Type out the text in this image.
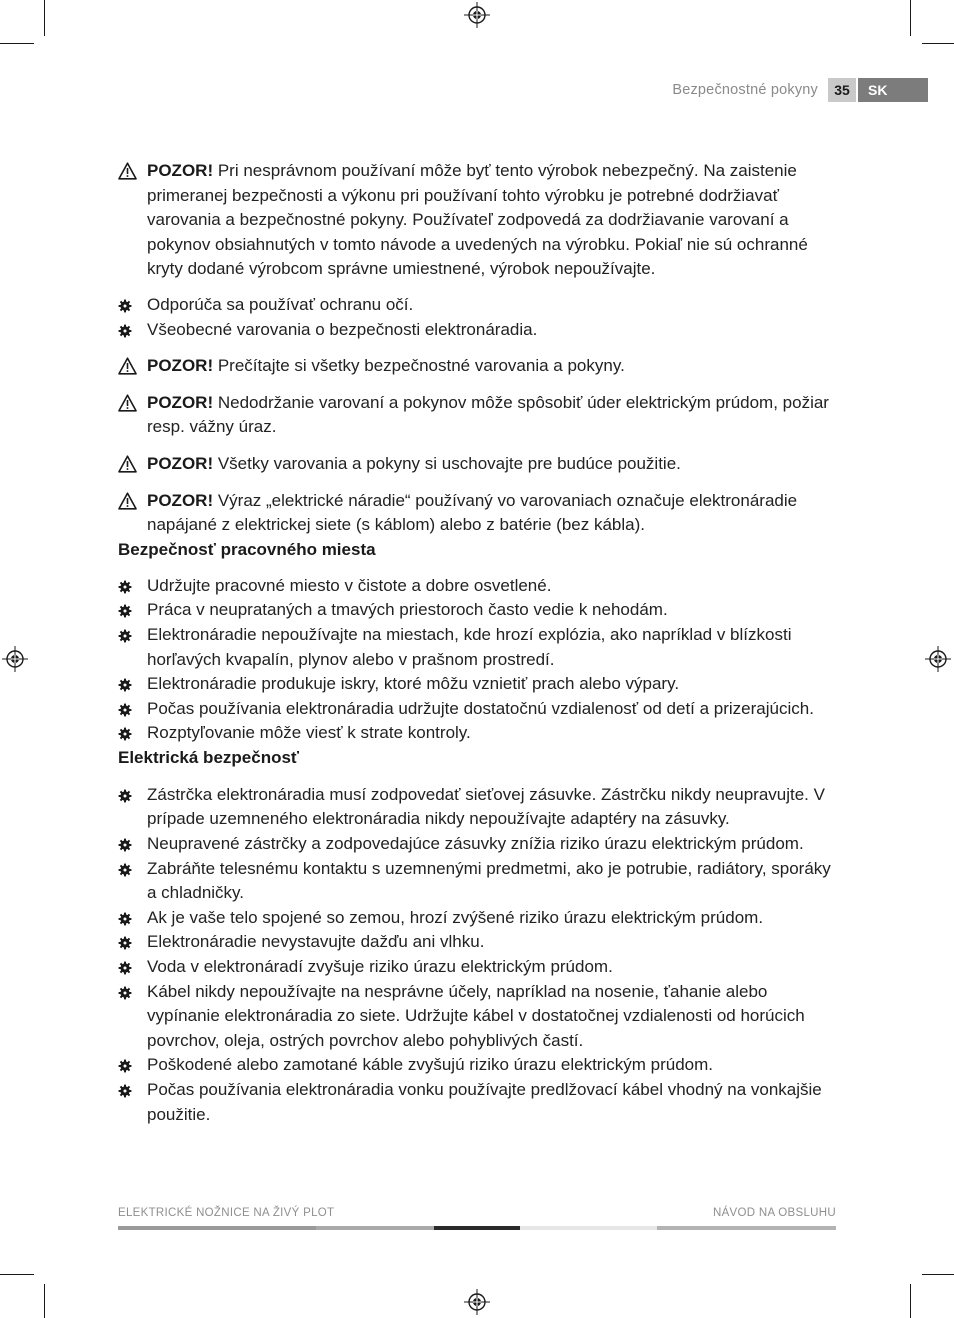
Bezpečnostné pokyny	35	SK
POZOR! Pri nesprávnom používaní môže byť tento výrobok nebezpečný. Na zaistenie primeranej bezpečnosti a výkonu pri používaní tohto výrobku je potrebné dodržiavať varovania a bezpečnostné pokyny. Používateľ zodpovedá za dodržiavanie varovaní a pokynov obsiahnutých v tomto návode a uvedených na výrobku. Pokiaľ nie sú ochranné kryty dodané výrobcom správne umiestnené, výrobok nepoužívajte.
Odporúča sa používať ochranu očí.
Všeobecné varovania o bezpečnosti elektronáradia.
POZOR! Prečítajte si všetky bezpečnostné varovania a pokyny.
POZOR! Nedodržanie varovaní a pokynov môže spôsobiť úder elektrickým prúdom, požiar resp. vážny úraz.
POZOR! Všetky varovania a pokyny si uschovajte pre budúce použitie.
POZOR! Výraz „elektrické náradie“ používaný vo varovaniach označuje elektronáradie napájané z elektrickej siete (s káblom) alebo z batérie (bez kábla).
Bezpečnosť pracovného miesta
Udržujte pracovné miesto v čistote a dobre osvetlené.
Práca v neuprataných a tmavých priestoroch často vedie k nehodám.
Elektronáradie nepoužívajte na miestach, kde hrozí explózia, ako napríklad v blízkosti horľavých kvapalín, plynov alebo v prašnom prostredí.
Elektronáradie produkuje iskry, ktoré môžu vznietiť prach alebo výpary.
Počas používania elektronáradia udržujte dostatočnú vzdialenosť od detí a prizerajúcich.
Rozptyľovanie môže viesť k strate kontroly.
Elektrická bezpečnosť
Zástrčka elektronáradia musí zodpovedať sieťovej zásuvke. Zástrčku nikdy neupravujte. V prípade uzemneného elektronáradia nikdy nepoužívajte adaptéry na zásuvky.
Neupravené zástrčky a zodpovedajúce zásuvky znížia riziko úrazu elektrickým prúdom.
Zabráňte telesnému kontaktu s uzemnenými predmetmi, ako je potrubie, radiátory, sporáky a chladničky.
Ak je vaše telo spojené so zemou, hrozí zvýšené riziko úrazu elektrickým prúdom.
Elektronáradie nevystavujte dažďu ani vlhku.
Voda v elektronáradí zvyšuje riziko úrazu elektrickým prúdom.
Kábel nikdy nepoužívajte na nesprávne účely, napríklad na nosenie, ťahanie alebo vypínanie elektronáradia zo siete. Udržujte kábel v dostatočnej vzdialenosti od horúcich povrchov, oleja, ostrých povrchov alebo pohyblivých častí.
Poškodené alebo zamotané káble zvyšujú riziko úrazu elektrickým prúdom.
Počas používania elektronáradia vonku používajte predlžovací kábel vhodný na vonkajšie použitie.
ELEKTRICKÉ NOŽNICE NA ŽIVÝ PLOT	NÁVOD NA OBSLUHU
